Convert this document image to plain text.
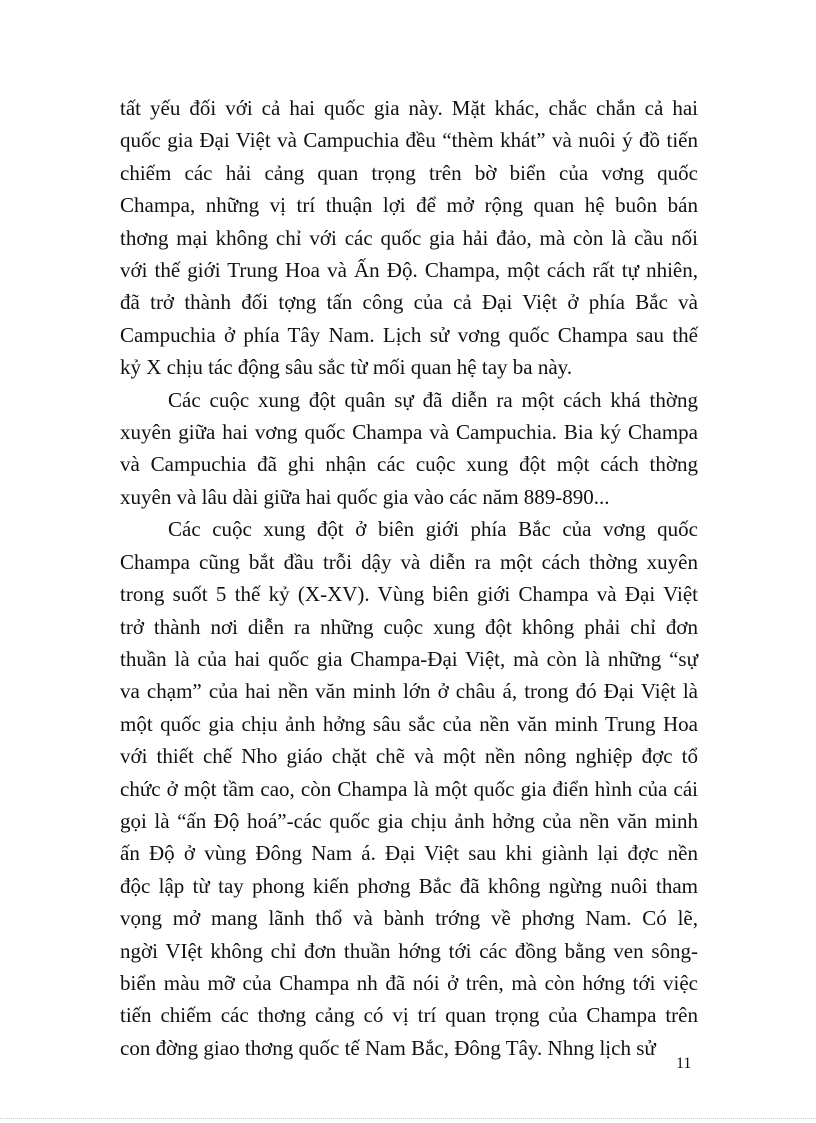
tất yếu đối với cả hai quốc gia này. Mặt khác, chắc chắn cả hai
quốc gia Đại Việt và Campuchia đều “thèm khát” và nuôi ý đồ tiến
chiếm các hải cảng quan trọng trên bờ biển của vơng quốc
Champa, những vị trí thuận lợi để mở rộng quan hệ buôn bán
thơng mại không chỉ với các quốc gia hải đảo, mà còn là cầu nối
với thế giới Trung Hoa và Ấn Độ. Champa, một cách rất tự nhiên,
đã trở thành đối tợng tấn công của cả Đại Việt ở phía Bắc và
Campuchia ở phía Tây Nam. Lịch sử vơng quốc Champa sau thế
kỷ X chịu tác động sâu sắc từ mối quan hệ tay ba này.
Các cuộc xung đột quân sự đã diễn ra một cách khá thờng
xuyên giữa hai vơng quốc Champa và Campuchia. Bia ký Champa
và Campuchia đã ghi nhận các cuộc xung đột một cách thờng
xuyên và lâu dài giữa hai quốc gia vào các năm 889-890...
Các cuộc xung đột ở biên giới phía Bắc của vơng quốc
Champa cũng bắt đầu trỗi dậy và diễn ra một cách thờng xuyên
trong suốt 5 thế kỷ (X-XV). Vùng biên giới Champa và Đại Việt
trở thành nơi diễn ra những cuộc xung đột không phải chỉ đơn
thuần là của hai quốc gia Champa-Đại Việt, mà còn là những “sự
va chạm” của hai nền văn minh lớn ở châu á, trong đó Đại Việt là
một quốc gia chịu ảnh hởng sâu sắc của nền văn minh Trung Hoa
với thiết chế Nho giáo chặt chẽ và một nền nông nghiệp đợc tổ
chức ở một tầm cao, còn Champa là một quốc gia điển hình của cái
gọi là “ấn Độ hoá”-các quốc gia chịu ảnh hởng của nền văn minh
ấn Độ ở vùng Đông Nam á. Đại Việt sau khi giành lại đợc nền
độc lập từ tay phong kiến phơng Bắc đã không ngừng nuôi tham
vọng mở mang lãnh thổ và bành trớng về phơng Nam. Có lẽ,
ngời VIệt không chỉ đơn thuần hớng tới các đồng bằng ven sông-
biển màu mỡ của Champa nh đã nói ở trên, mà còn hớng tới việc
tiến chiếm các thơng cảng có vị trí quan trọng của Champa trên
con đờng giao thơng quốc tế Nam Bắc, Đông Tây. Nhng lịch sử
11
